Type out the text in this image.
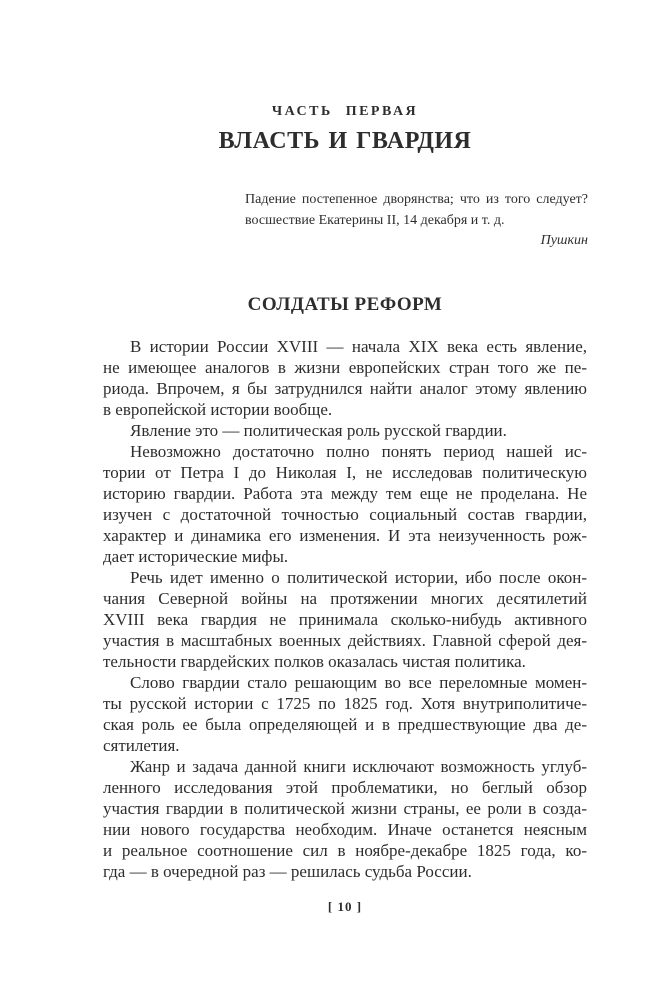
ЧАСТЬ ПЕРВАЯ
ВЛАСТЬ И ГВАРДИЯ
Падение постепенное дворянства; что из того следует?
восшествие Екатерины II, 14 декабря и т. д.
Пушкин
СОЛДАТЫ РЕФОРМ

В истории России XVIII — начала XIX века есть явление,
не имеющее аналогов в жизни европейских стран того же пе-
риода. Впрочем, я бы затруднился найти аналог этому явлению
в европейской истории вообще.

Явление это — политическая роль русской гвардии.

Невозможно достаточно полно понять период нашей ис-
тории от Петра I до Николая I, не исследовав политическую
историю гвардии. Работа эта между тем еще не проделана. Не
изучен с достаточной точностью социальный состав гвардии,
характер и динамика его изменения. И эта неизученность рож-
дает исторические мифы.

Речь идет именно о политической истории, ибо после окон-
чания Северной войны на протяжении многих десятилетий
XVIII века гвардия не принимала сколько-нибудь активного
участия в масштабных военных действиях. Главной сферой дея-
тельности гвардейских полков оказалась чистая политика.

Слово гвардии стало решающим во все переломные момен-
ты русской истории с 1725 по 1825 год. Хотя внутриполитиче-
ская роль ее была определяющей и в предшествующие два де-
сятилетия.

Жанр и задача данной книги исключают возможность углуб-
ленного исследования этой проблематики, но беглый обзор
участия гвардии в политической жизни страны, ее роли в созда-
нии нового государства необходим. Иначе останется неясным
и реальное соотношение сил в ноябре-декабре 1825 года, ко-
гда — в очередной раз — решилась судьба России.

[ 10 ]
